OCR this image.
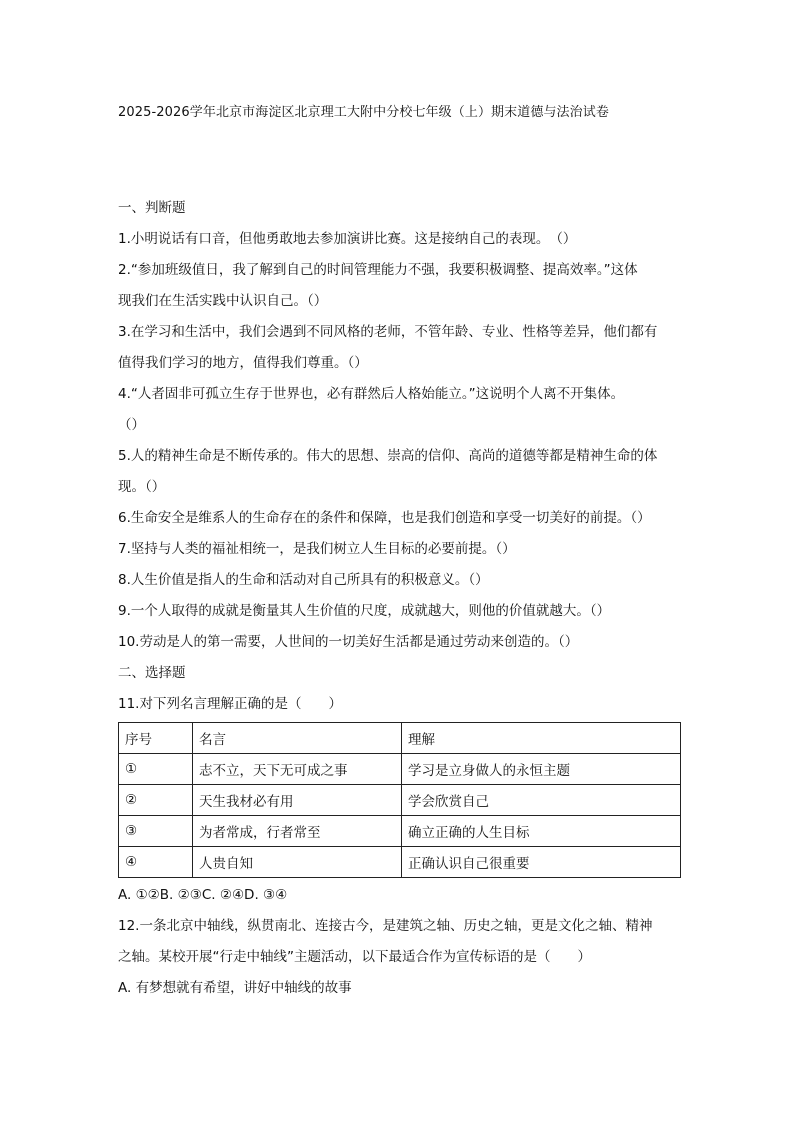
2025-2026学年北京市海淀区北京理工大附中分校七年级（上）期末道德与法治试卷
一、判断题
1.小明说话有口音，但他勇敢地去参加演讲比赛。这是接纳自己的表现。　（）
2.“参加班级值日，我了解到自己的时间管理能力不强，我要积极调整、提高效率。”这体
现我们在生活实践中认识自己。（）
3.在学习和生活中，我们会遇到不同风格的老师，不管年龄、专业、性格等差异，他们都有
值得我们学习的地方，值得我们尊重。（）
4.“人者固非可孤立生存于世界也，必有群然后人格始能立。”这说明个人离不开集体。
（）
5.人的精神生命是不断传承的。伟大的思想、崇高的信仰、高尚的道德等都是精神生命的体
现。（）
6.生命安全是维系人的生命存在的条件和保障，也是我们创造和享受一切美好的前提。（）
7.坚持与人类的福祉相统一，是我们树立人生目标的必要前提。（）
8.人生价值是指人的生命和活动对自己所具有的积极意义。（）
9.一个人取得的成就是衡量其人生价值的尺度，成就越大，则他的价值就越大。（）
10.劳动是人的第一需要，人世间的一切美好生活都是通过劳动来创造的。（）
二、选择题
11.对下列名言理解正确的是（　　）
序号	名言	理解
①	志不立，天下无可成之事	学习是立身做人的永恒主题
②	天生我材必有用	学会欣赏自己
③	为者常成，行者常至	确立正确的人生目标
④	人贵自知	正确认识自己很重要
A. ①②B. ②③C. ②④D. ③④
12.一条北京中轴线，纵贯南北、连接古今，是建筑之轴、历史之轴，更是文化之轴、精神
之轴。某校开展“行走中轴线”主题活动，以下最适合作为宣传标语的是（　　）
A. 有梦想就有希望，讲好中轴线的故事
